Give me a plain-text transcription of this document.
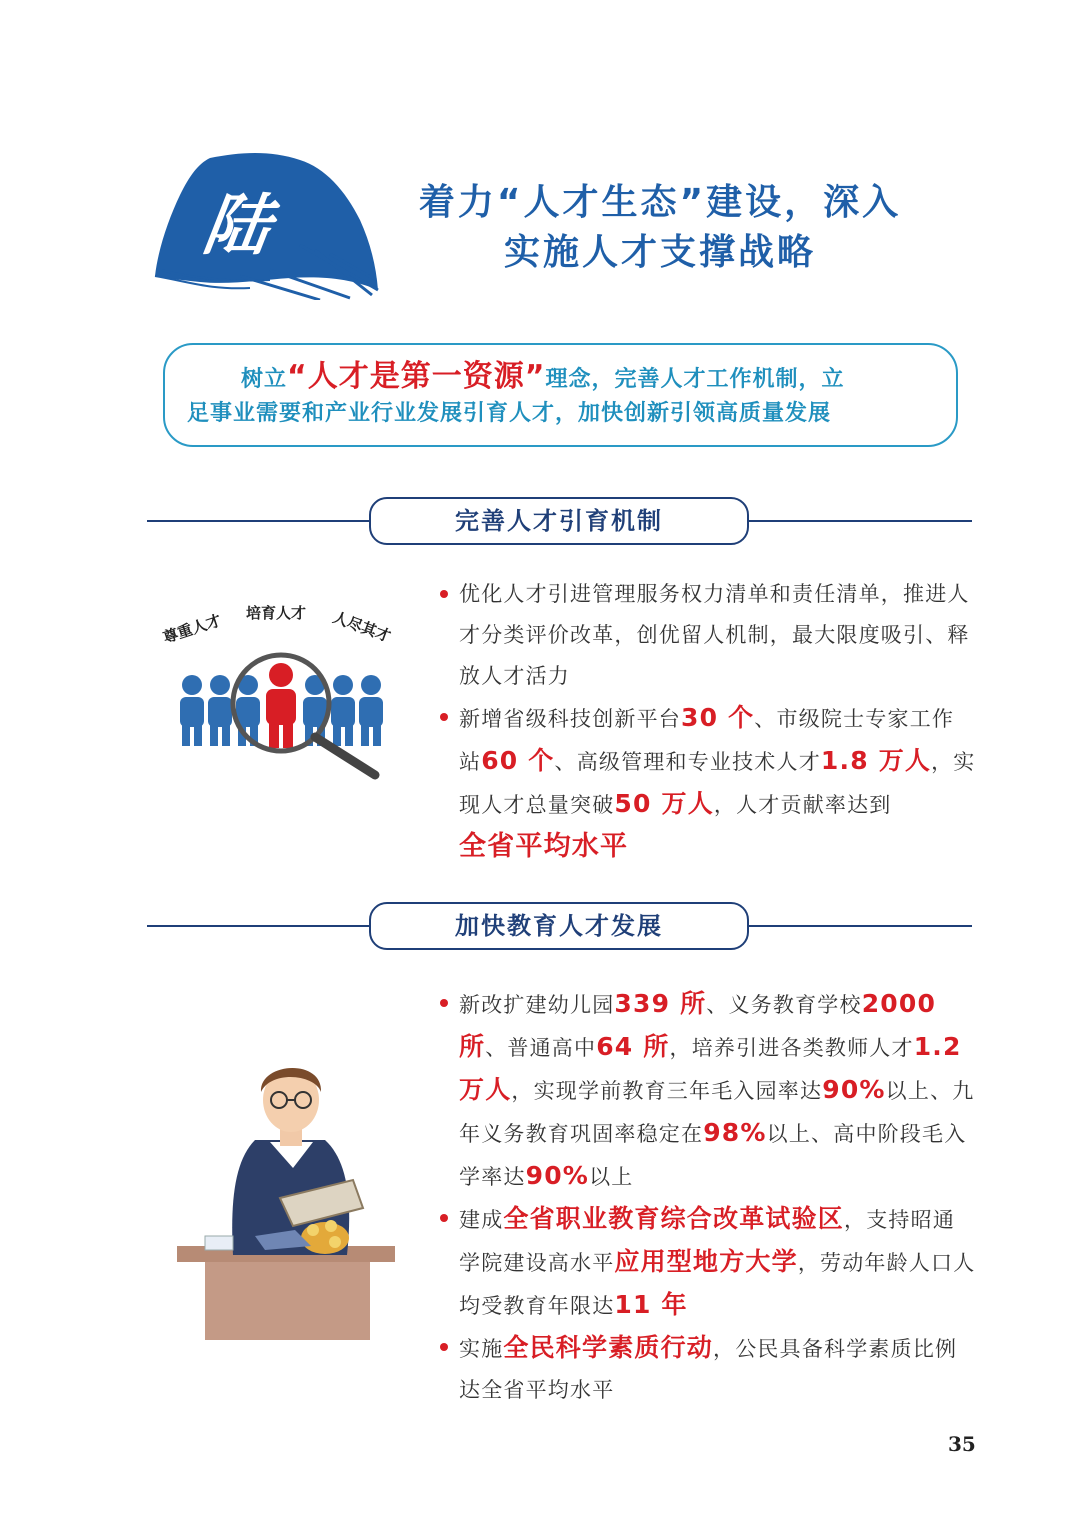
陆	着力“人才生态”建设，深入
实施人才支撑战略
树立“人才是第一资源”理念，完善人才工作机制，立
足事业需要和产业行业发展引育人才，加快创新引领高质量发展
完善人才引育机制
尊重人才 培育人才 人尽其才
优化人才引进管理服务权力清单和责任清单，推进人才分类评价改革，创优留人机制，最大限度吸引、释放人才活力
新增省级科技创新平台30 个、市级院士专家工作站60 个、高级管理和专业技术人才1.8 万人，实现人才总量突破50 万人，人才贡献率达到
全省平均水平
加快教育人才发展
新改扩建幼儿园339 所、义务教育学校2000 所、普通高中64 所，培养引进各类教师人才1.2 万人，实现学前教育三年毛入园率达90%以上、九年义务教育巩固率稳定在98%以上、高中阶段毛入学率达90%以上
建成全省职业教育综合改革试验区，支持昭通学院建设高水平应用型地方大学，劳动年龄人口人均受教育年限达11 年
实施全民科学素质行动，公民具备科学素质比例达全省平均水平
35
